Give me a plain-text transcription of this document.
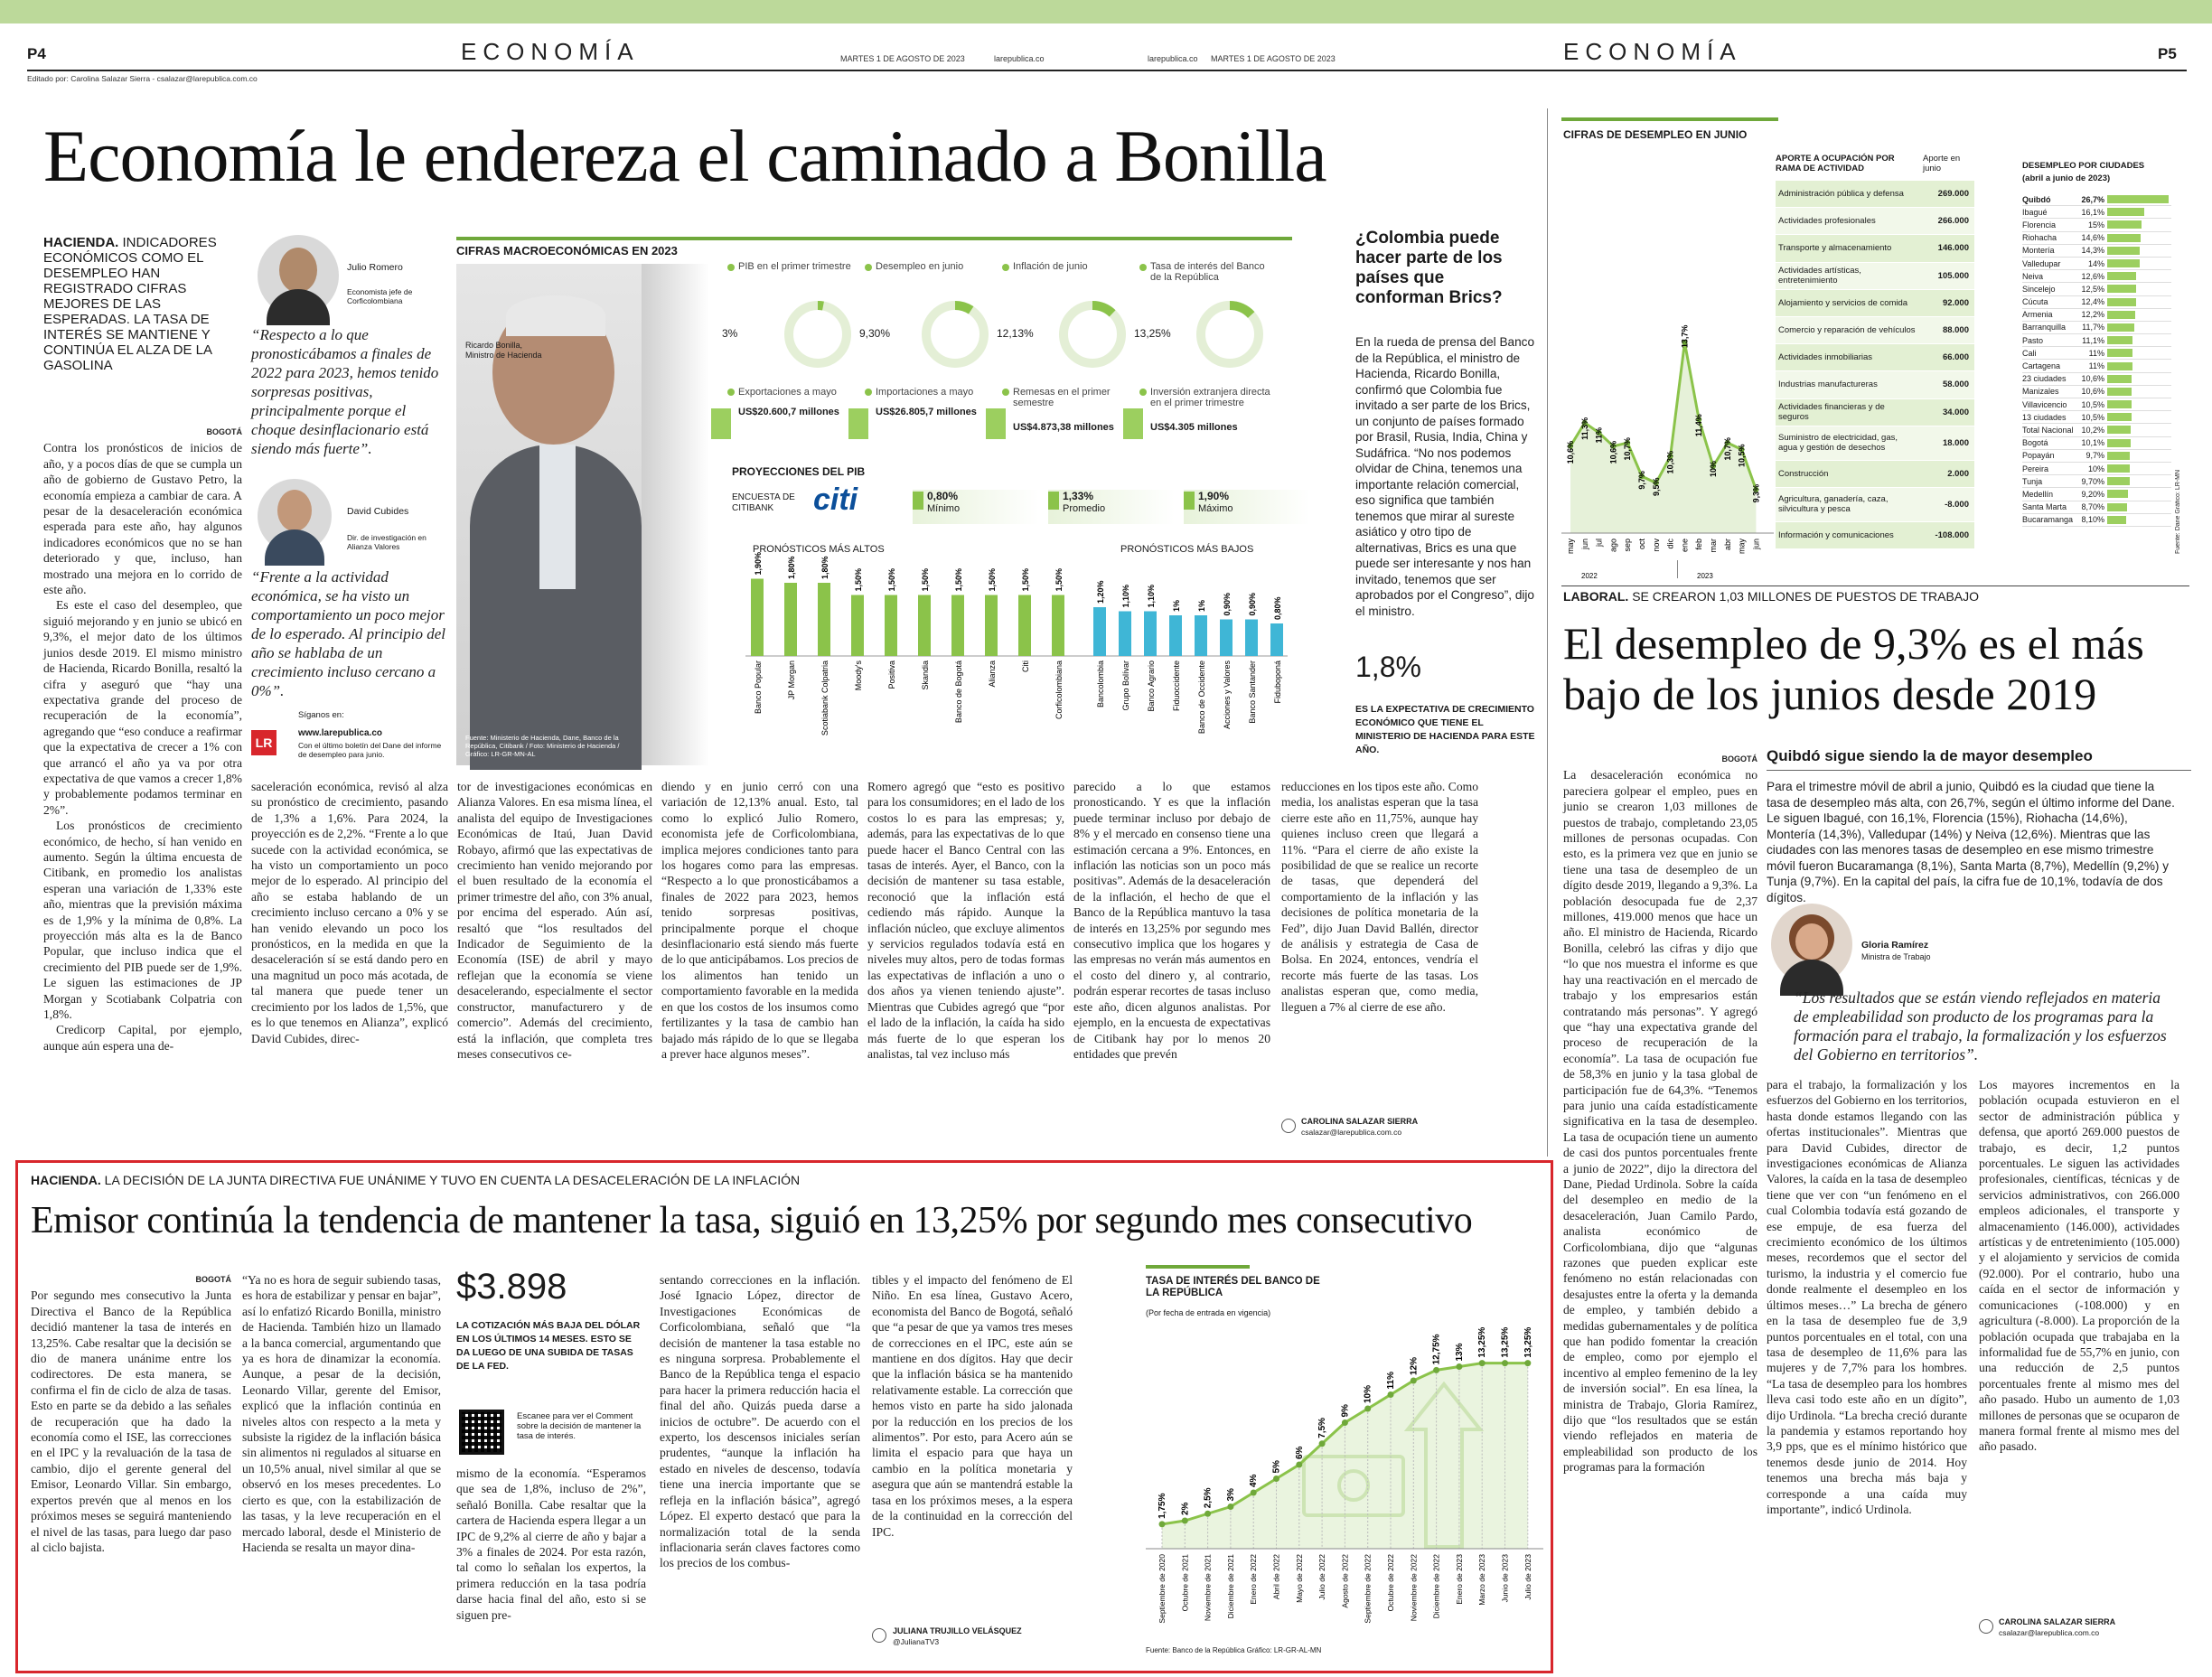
P4	ECONOMÍA	MARTES 1 DE AGOSTO DE 2023	larepublica.co	larepublica.co MARTES 1 DE AGOSTO DE 2023	ECONOMÍA	P5
Editado por: Carolina Salazar Sierra - csalazar@larepublica.com.co
Economía le endereza el caminado a Bonilla
HACIENDA. INDICADORES ECONÓMICOS COMO EL DESEMPLEO HAN REGISTRADO CIFRAS MEJORES DE LAS ESPERADAS. LA TASA DE INTERÉS SE MANTIENE Y CONTINÚA EL ALZA DE LA GASOLINA
Julio Romero
Economista jefe de Corficolombiana
“Respecto a lo que pronosticábamos a finales de 2022 para 2023, hemos tenido sorpresas positivas, principalmente porque el choque desinflacionario está siendo más fuerte”.
David Cubides
Dir. de investigación en Alianza Valores
“Frente a la actividad económica, se ha visto un comportamiento un poco mejor de lo esperado. Al principio del año se hablaba de un crecimiento incluso cercano a 0%”.
LR
Síganos en:
www.larepublica.co
Con el último boletín del Dane del informe de desempleo para junio.
BOGOTÁ

Contra los pronósticos de inicios de año, y a pocos días de que se cumpla un año de gobierno de Gustavo Petro, la economía empieza a cambiar de cara. A pesar de la desaceleración económica esperada para este año, hay algunos indicadores económicos que no se han deteriorado y que, incluso, han mostrado una mejora en lo corrido de este año.

Es este el caso del desempleo, que siguió mejorando y en junio se ubicó en 9,3%, el mejor dato de los últimos junios desde 2019. El mismo ministro de Hacienda, Ricardo Bonilla, resaltó la cifra y aseguró que “hay una expectativa grande del proceso de recuperación de la economía”, agregando que “eso conduce a reafirmar que la expectativa de crecer a 1% con que arrancó el año ya va por otra expectativa de que vamos a crecer 1,8% y probablemente podamos terminar en 2%”.

Los pronósticos de crecimiento económico, de hecho, sí han venido en aumento. Según la última encuesta de Citibank, en promedio los analistas esperan una variación de 1,33% este año, mientras que la previsión máxima es de 1,9% y la mínima de 0,8%. La proyección más alta es la de Banco Popular, que incluso indica que el crecimiento del PIB puede ser de 1,9%. Le siguen las estimaciones de JP Morgan y Scotiabank Colpatria con 1,8%.

Credicorp Capital, por ejemplo, aunque aún espera una de-

saceleración económica, revisó al alza su pronóstico de crecimiento, pasando de 1,3% a 1,6%. Para 2024, la proyección es de 2,2%. “Frente a lo que sucede con la actividad económica, se ha visto un comportamiento un poco mejor de lo esperado. Al principio del año se estaba hablando de un crecimiento incluso cercano a 0% y se han venido elevando un poco los pronósticos, en la medida en que la desaceleración sí se está dando pero en una magnitud un poco más acotada, de tal manera que puede tener un crecimiento por los lados de 1,5%, que es lo que tenemos en Alianza”, explicó David Cubides, direc-
tor de investigaciones económicas en Alianza Valores. En esa misma línea, el analista del equipo de Investigaciones Económicas de Itaú, Juan David Robayo, afirmó que las expectativas de crecimiento han venido mejorando por el buen resultado de la economía el primer trimestre del año, con 3% anual, por encima del esperado. Aún así, resaltó que “los resultados del Indicador de Seguimiento de la Economía (ISE) de abril y mayo reflejan que la economía se viene desacelerando, especialmente el sector constructor, manufacturero y de comercio”. Además del crecimiento, está la inflación, que completa tres meses consecutivos ce-
diendo y en junio cerró con una variación de 12,13% anual. Esto, tal como lo explicó Julio Romero, economista jefe de Corficolombiana, implica mejores condiciones tanto para los hogares como para las empresas. “Respecto a lo que pronosticábamos a finales de 2022 para 2023, hemos tenido sorpresas positivas, principalmente porque el choque desinflacionario está siendo más fuerte de lo que anticipábamos. Los precios de los alimentos han tenido un comportamiento favorable en la medida en que los costos de los insumos como fertilizantes y la tasa de cambio han bajado más rápido de lo que se llegaba a prever hace algunos meses”.
Romero agregó que “esto es positivo para los consumidores; en el lado de los costos lo es para las empresas; y, además, para las expectativas de lo que puede hacer el Banco Central con las tasas de interés. Ayer, el Banco, con la decisión de mantener su tasa estable, reconoció que la inflación está cediendo más rápido. Aunque la inflación núcleo, que excluye alimentos y servicios regulados todavía está en niveles muy altos, pero de todas formas las expectativas de inflación a uno o dos años ya vienen teniendo ajuste”. Mientras que Cubides agregó que “por el lado de la inflación, la caída ha sido más fuerte de lo que esperan los analistas, tal vez incluso más
parecido a lo que estamos pronosticando. Y es que la inflación puede terminar incluso por debajo de 8% y el mercado en consenso tiene una estimación cercana a 9%. Entonces, en inflación las noticias son un poco más positivas”. Además de la desaceleración de la inflación, el hecho de que el Banco de la República mantuvo la tasa de interés en 13,25% por segundo mes consecutivo implica que los hogares y las empresas no verán más aumentos en el costo del dinero y, al contrario, podrán esperar recortes de tasas incluso este año, dicen algunos analistas. Por ejemplo, en la encuesta de expectativas de Citibank hay por lo menos 20 entidades que prevén
reducciones en los tipos este año. Como media, los analistas esperan que la tasa cierre este año en 11,75%, aunque hay quienes incluso creen que llegará a 11%. “Para el cierre de año existe la posibilidad de que se realice un recorte de tasas, que dependerá del comportamiento de la inflación y las decisiones de política monetaria de la Fed”, dijo Juan David Ballén, director de análisis y estrategia de Casa de Bolsa. En 2024, entonces, vendría el recorte más fuerte de las tasas. Los analistas esperan que, como media, lleguen a 7% al cierre de ese año.
CAROLINA SALAZAR SIERRA
csalazar@larepublica.com.co
CIFRAS MACROECONÓMICAS EN 2023
Ricardo Bonilla, Ministro de Hacienda
Fuente: Ministerio de Hacienda, Dane, Banco de la República, Citibank / Foto: Ministerio de Hacienda / Gráfico: LR-GR-MN-AL
PIB en el primer trimestre
3%
Desempleo en junio
9,30%
Inflación de junio
12,13%
Tasa de interés del Banco de la República
13,25%
Exportaciones a mayo
US$20.600,7 millones
Importaciones a mayo
US$26.805,7 millones
Remesas en el primer semestre
US$4.873,38 millones
Inversión extranjera directa en el primer trimestre
US$4.305 millones
PROYECCIONES DEL PIB
ENCUESTA DE CITIBANK	citi	0,80%
Mínimo
1,33%
Promedio
1,90%
Máximo
PRONÓSTICOS MÁS ALTOS	PRONÓSTICOS MÁS BAJOS
1,90%
Banco Popular
1,80%
JP Morgan
1,80%
Scotiabank Colpatria
1,50%
Moody's
1,50%
Positiva
1,50%
Skandia
1,50%
Banco de Bogotá
1,50%
Alianza
1,50%
Citi
1,50%
Corficolombiana
1,20%
Bancolombia
1,10%
Grupo Bolívar
1,10%
Banco Agrario
1%
Fiduoccidente
1%
Banco de Occidente
0,90%
Acciones y Valores
0,90%
Banco Santander
0,80%
Fiduboponá
¿Colombia puede hacer parte de los países que conforman Brics?
En la rueda de prensa del Banco de la República, el ministro de Hacienda, Ricardo Bonilla, confirmó que Colombia fue invitado a ser parte de los Brics, un conjunto de países formado por Brasil, Rusia, India, China y Sudáfrica. “No nos podemos olvidar de China, tenemos una importante relación comercial, eso significa que también tenemos que mirar al sureste asiático y otro tipo de alternativas, Brics es una que puede ser interesante y nos han invitado, tenemos que ser aprobados por el Congreso”, dijo el ministro.
1,8%
ES LA EXPECTATIVA DE CRECIMIENTO ECONÓMICO QUE TIENE EL MINISTERIO DE HACIENDA PARA ESTE AÑO.
CIFRAS DE DESEMPLEO EN JUNIO
10,6%
may
11,3%
jun
11%
jul
10,6%
ago
10,7%
sep
9,7%
oct
9,5%
nov
10,3%
dic
13,7%
ene
11,4%
feb
10%
mar
10,7%
abr
10,5%
may
9,3%
jun
2022	2023
APORTE A OCUPACIÓN POR RAMA DE ACTIVIDAD
Aporte en junio
Administración pública y defensa	269.000
Actividades profesionales	266.000
Transporte y almacenamiento	146.000
Actividades artísticas, entretenimiento	105.000
Alojamiento y servicios de comida	92.000
Comercio y reparación de vehículos	88.000
Actividades inmobiliarias	66.000
Industrias manufactureras	58.000
Actividades financieras y de seguros	34.000
Suministro de electricidad, gas, agua y gestión de desechos	18.000
Construcción	2.000
Agricultura, ganadería, caza, silvicultura y pesca	-8.000
Información y comunicaciones	-108.000
DESEMPLEO POR CIUDADES
(abril a junio de 2023)
Quibdó	26,7%
Ibagué	16,1%
Florencia	15%
Riohacha	14,6%
Montería	14,3%
Valledupar	14%
Neiva	12,6%
Sincelejo	12,5%
Cúcuta	12,4%
Armenia	12,2%
Barranquilla	11,7%
Pasto	11,1%
Cali	11%
Cartagena	11%
23 ciudades	10,6%
Manizales	10,6%
Villavicencio	10,5%
13 ciudades	10,5%
Total Nacional 10,2%
Bogotá	10,1%
Popayán	9,7%
Pereira	10%
Tunja	9,70%
Medellín	9,20%
Santa Marta	8,70%
Bucaramanga	8,10%	Fuente: Dane Gráfico: LR-MN
LABORAL. SE CREARON 1,03 MILLONES DE PUESTOS DE TRABAJO
El desempleo de 9,3% es el más bajo de los junios desde 2019
Quibdó sigue siendo la de mayor desempleo
Para el trimestre móvil de abril a junio, Quibdó es la ciudad que tiene la tasa de desempleo más alta, con 26,7%, según el último informe del Dane. Le siguen Ibagué, con 16,1%, Florencia (15%), Riohacha (14,6%), Montería (14,3%), Valledupar (14%) y Neiva (12,6%). Mientras que las ciudades con las menores tasas de desempleo en ese mismo trimestre móvil fueron Bucaramanga (8,1%), Santa Marta (8,7%), Medellín (9,2%) y Tunja (9,7%). En la capital del país, la cifra fue de 10,1%, todavía de dos dígitos.
Gloria Ramírez
Ministra de Trabajo
“Los resultados que se están viendo reflejados en materia de empleabilidad son producto de los programas para la formación para el trabajo, la formalización y los esfuerzos del Gobierno en territorios”.
BOGOTÁ
La desaceleración económica no pareciera golpear el empleo, pues en junio se crearon 1,03 millones de puestos de trabajo, completando 23,05 millones de personas ocupadas. Con esto, es la primera vez que en junio se tiene una tasa de desempleo de un dígito desde 2019, llegando a 9,3%. La población desocupada fue de 2,37 millones, 419.000 menos que hace un año. El ministro de Hacienda, Ricardo Bonilla, celebró las cifras y dijo que “lo que nos muestra el informe es que hay una reactivación en el mercado de trabajo y los empresarios están contratando más personas”. Y agregó que “hay una expectativa grande del proceso de recuperación de la economía”. La tasa de ocupación fue de 58,3% en junio y la tasa global de participación fue de 64,3%. “Tenemos para junio una caída estadísticamente significativa en la tasa de desempleo. La tasa de ocupación tiene un aumento de casi dos puntos porcentuales frente a junio de 2022”, dijo la directora del Dane, Piedad Urdinola. Sobre la caída del desempleo en medio de la desaceleración, Juan Camilo Pardo, analista económico de Corficolombiana, dijo que “algunas razones que pueden explicar este fenómeno no están relacionadas con desajustes entre la oferta y la demanda de empleo, y también debido a medidas gubernamentales y de política que han podido fomentar la creación de empleo, como por ejemplo el incentivo al empleo femenino de la ley de inversión social”. En esa línea, la ministra de Trabajo, Gloria Ramírez, dijo que “los resultados que se están viendo reflejados en materia de empleabilidad son producto de los programas para la formación
para el trabajo, la formalización y los esfuerzos del Gobierno en los territorios, hasta donde estamos llegando con las ofertas institucionales”. Mientras que para David Cubides, director de investigaciones económicas de Alianza Valores, la caída en la tasa de desempleo tiene que ver con “un fenómeno en el cual Colombia todavía está gozando de ese empuje, de esa fuerza del crecimiento económico de los últimos meses, recordemos que el sector del turismo, la industria y el comercio fue donde realmente el desempleo en los últimos meses…” La brecha de género en la tasa de desempleo fue de 3,9 puntos porcentuales en el total, con una tasa de desempleo de 11,6% para las mujeres y de 7,7% para los hombres. “La tasa de desempleo para los hombres lleva casi todo este año en un dígito”, dijo Urdinola. “La brecha creció durante la pandemia y estamos reportando hoy 3,9 pps, que es el mínimo histórico que tenemos desde junio de 2014. Hoy tenemos una brecha más baja y corresponde a una caída muy importante”, indicó Urdinola.
Los mayores incrementos en la población ocupada estuvieron en el sector de administración pública y defensa, que aportó 269.000 puestos de trabajo, es decir, 1,2 puntos porcentuales. Le siguen las actividades profesionales, científicas, técnicas y de servicios administrativos, con 266.000 empleos adicionales, el transporte y almacenamiento (146.000), actividades artísticas y de entretenimiento (105.000) y el alojamiento y servicios de comida (92.000). Por el contrario, hubo una caída en el sector de información y comunicaciones (-108.000) y en agricultura (-8.000). La proporción de la población ocupada que trabajaba en la informalidad fue de 55,7% en junio, con una reducción de 2,5 puntos porcentuales frente al mismo mes del año pasado. Hubo un aumento de 1,03 millones de personas que se ocuparon de manera formal frente al mismo mes del año pasado.
CAROLINA SALAZAR SIERRA
csalazar@larepublica.com.co
HACIENDA. LA DECISIÓN DE LA JUNTA DIRECTIVA FUE UNÁNIME Y TUVO EN CUENTA LA DESACELERACIÓN DE LA INFLACIÓN
Emisor continúa la tendencia de mantener la tasa, siguió en 13,25% por segundo mes consecutivo
BOGOTÁ
Por segundo mes consecutivo la Junta Directiva el Banco de la República decidió mantener la tasa de interés en 13,25%. Cabe resaltar que la decisión se dio de manera unánime entre los codirectores. De esta manera, se confirma el fin de ciclo de alza de tasas. Esto en parte se da debido a las señales de recuperación que ha dado la economía como el ISE, las correcciones en el IPC y la revaluación de la tasa de cambio, dijo el gerente general del Emisor, Leonardo Villar. Sin embargo, expertos prevén que al menos en los próximos meses se seguirá manteniendo el nivel de las tasas, para luego dar paso al ciclo bajista.
“Ya no es hora de seguir subiendo tasas, es hora de estabilizar y pensar en bajar”, así lo enfatizó Ricardo Bonilla, ministro de Hacienda. También hizo un llamado a la banca comercial, argumentando que ya es hora de dinamizar la economía. Aunque, a pesar de la decisión, Leonardo Villar, gerente del Emisor, explicó que la inflación continúa en niveles altos con respecto a la meta y subsiste la rigidez de la inflación básica sin alimentos ni regulados al situarse en un 10,5% anual, nivel similar al que se observó en los meses precedentes. Lo cierto es que, con la estabilización de las tasas, y la leve recuperación en el mercado laboral, desde el Ministerio de Hacienda se resalta un mayor dina-
$3.898
LA COTIZACIÓN MÁS BAJA DEL DÓLAR EN LOS ÚLTIMOS 14 MESES. ESTO SE DA LUEGO DE UNA SUBIDA DE TASAS DE LA FED.
Escanee para ver el Comment sobre la decisión de mantener la tasa de interés.
mismo de la economía. “Esperamos que sea de 1,8%, incluso de 2%”, señaló Bonilla. Cabe resaltar que la cartera de Hacienda espera llegar a un IPC de 9,2% al cierre de año y bajar a 3% a finales de 2024. Por esta razón, tal como lo señalan los expertos, la primera reducción en la tasa podría darse hacia final del año, esto si se siguen pre-
sentando correcciones en la inflación. José Ignacio López, director de Investigaciones Económicas de Corficolombiana, señaló que “la decisión de mantener la tasa estable no es ninguna sorpresa. Probablemente el Banco de la República tenga el espacio para hacer la primera reducción hacia el final del año. Quizás pueda darse a inicios de octubre”. De acuerdo con el experto, los descensos iniciales serían prudentes, “aunque la inflación ha estado en niveles de descenso, todavía tiene una inercia importante que se refleja en la inflación básica”, agregó López. El experto destacó que para la normalización total de la senda inflacionaria serán claves factores como los precios de los combus-
tibles y el impacto del fenómeno de El Niño. En esa línea, Gustavo Acero, economista del Banco de Bogotá, señaló que “a pesar de que ya vamos tres meses de correcciones en el IPC, este aún se mantiene en dos dígitos. Hay que decir que la inflación básica se ha mantenido relativamente estable. La corrección que hemos visto en parte ha sido jalonada por la reducción en los precios de los alimentos”. Por esto, para Acero aún se limita el espacio para que haya un cambio en la política monetaria y asegura que aún se mantendrá estable la tasa en los próximos meses, a la espera de la continuidad en la corrección del IPC.
JULIANA TRUJILLO VELÁSQUEZ
@JulianaTV3
TASA DE INTERÉS DEL BANCO DE LA REPÚBLICA
(Por fecha de entrada en vigencia)
1,75%
Septiembre de 2020
2%
Octubre de 2021
2,5%
Noviembre de 2021
3%
Diciembre de 2021
4%
Enero de 2022
5%
Abril de 2022
6%
Mayo de 2022
7,5%
Julio de 2022
9%
Agosto de 2022
10%
Septiembre de 2022
11%
Octubre de 2022
12%
Noviembre de 2022
12,75%
Diciembre de 2022
13%
Enero de 2023
13,25%
Marzo de 2023
13,25%
Junio de 2023
13,25%
Julio de 2023
Fuente: Banco de la República Gráfico: LR-GR-AL-MN
